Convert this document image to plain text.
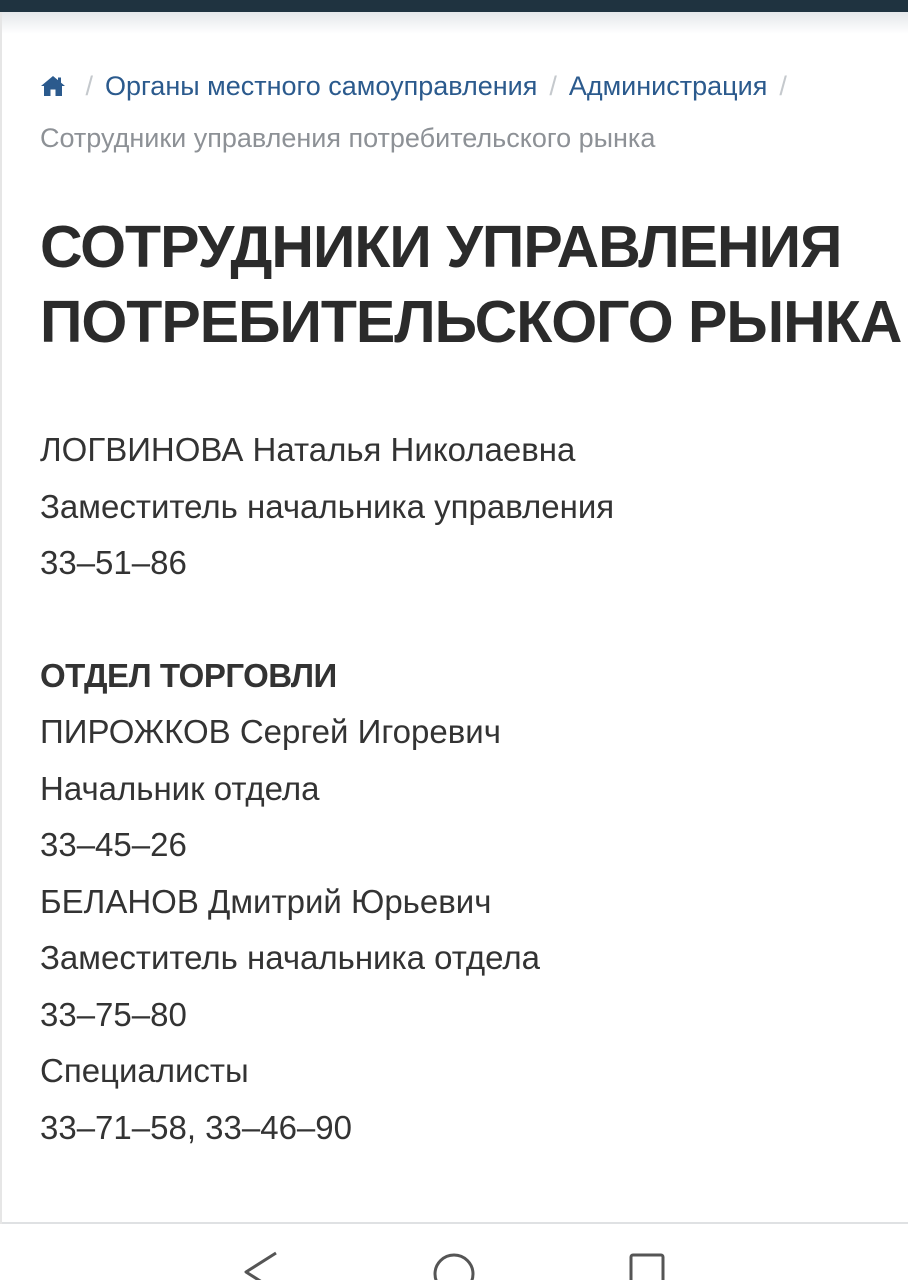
/ Органы местного самоуправления / Администрация /
Сотрудники управления потребительского рынка
СОТРУДНИКИ УПРАВЛЕНИЯ
ПОТРЕБИТЕЛЬСКОГО РЫНКА
ЛОГВИНОВА Наталья Николаевна
Заместитель начальника управления
33–51–86
ОТДЕЛ ТОРГОВЛИ
ПИРОЖКОВ Сергей Игоревич
Начальник отдела
33–45–26
БЕЛАНОВ Дмитрий Юрьевич
Заместитель начальника отдела
33–75–80
Специалисты
33–71–58, 33–46–90
